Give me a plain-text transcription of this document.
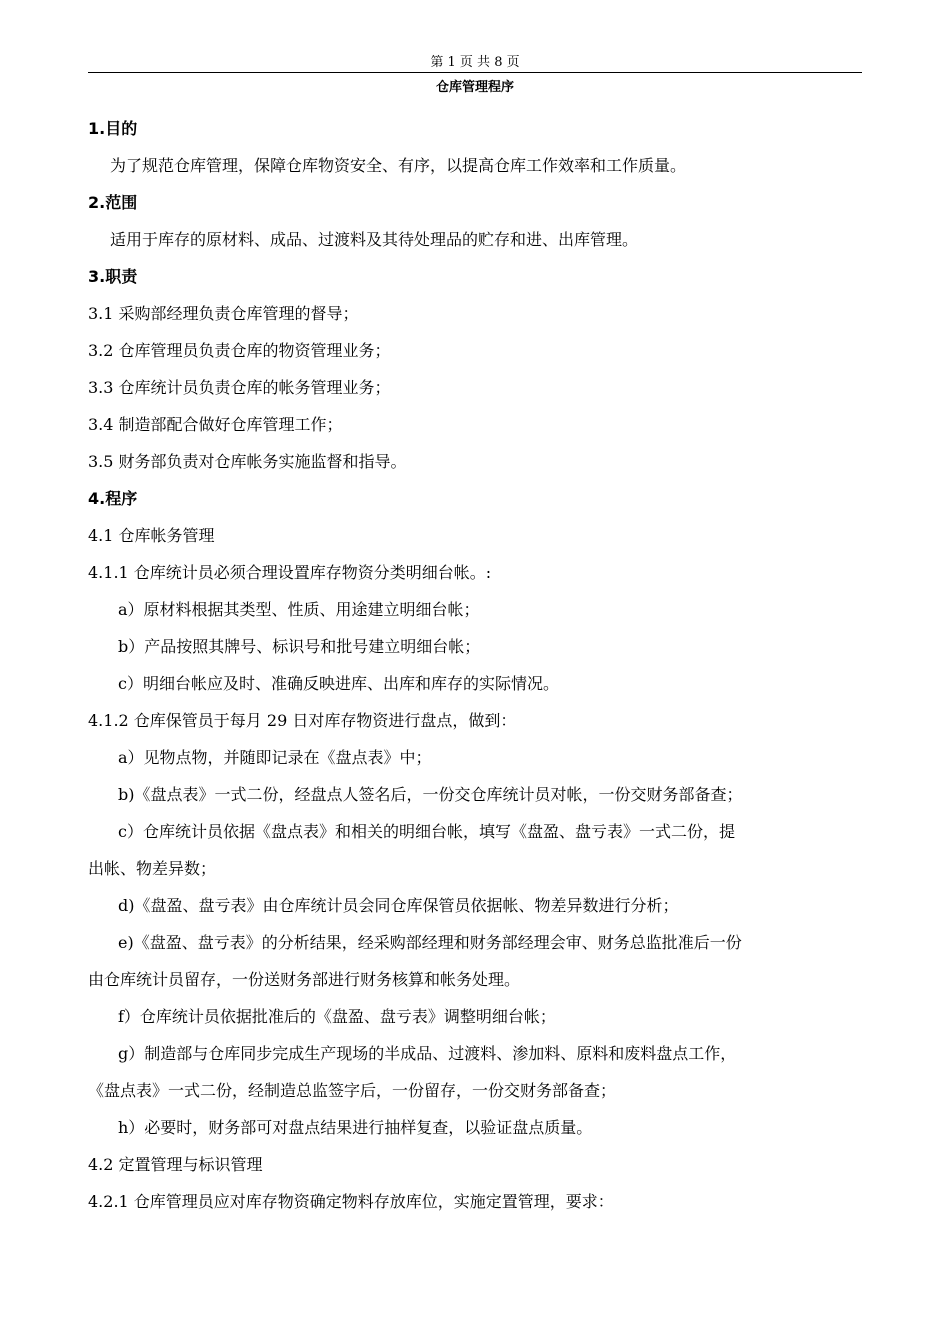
第 1 页 共 8 页
仓库管理程序
1.目的
为了规范仓库管理，保障仓库物资安全、有序，以提高仓库工作效率和工作质量。
2.范围
适用于库存的原材料、成品、过渡料及其待处理品的贮存和进、出库管理。
3.职责
3.1 采购部经理负责仓库管理的督导；
3.2 仓库管理员负责仓库的物资管理业务；
3.3 仓库统计员负责仓库的帐务管理业务；
3.4 制造部配合做好仓库管理工作；
3.5 财务部负责对仓库帐务实施监督和指导。
4.程序
4.1 仓库帐务管理
4.1.1 仓库统计员必须合理设置库存物资分类明细台帐。:
a）原材料根据其类型、性质、用途建立明细台帐；
b）产品按照其牌号、标识号和批号建立明细台帐；
c）明细台帐应及时、准确反映进库、出库和库存的实际情况。
4.1.2 仓库保管员于每月 29 日对库存物资进行盘点，做到：
a）见物点物，并随即记录在《盘点表》中；
b)《盘点表》一式二份，经盘点人签名后，一份交仓库统计员对帐，一份交财务部备查；
c）仓库统计员依据《盘点表》和相关的明细台帐，填写《盘盈、盘亏表》一式二份，提
出帐、物差异数；
d)《盘盈、盘亏表》由仓库统计员会同仓库保管员依据帐、物差异数进行分析；
e)《盘盈、盘亏表》的分析结果，经采购部经理和财务部经理会审、财务总监批准后一份
由仓库统计员留存，一份送财务部进行财务核算和帐务处理。
f）仓库统计员依据批准后的《盘盈、盘亏表》调整明细台帐；
g）制造部与仓库同步完成生产现场的半成品、过渡料、渗加料、原料和废料盘点工作，
《盘点表》一式二份，经制造总监签字后，一份留存，一份交财务部备查；
h）必要时，财务部可对盘点结果进行抽样复查，以验证盘点质量。
4.2 定置管理与标识管理
4.2.1 仓库管理员应对库存物资确定物料存放库位，实施定置管理，要求：
